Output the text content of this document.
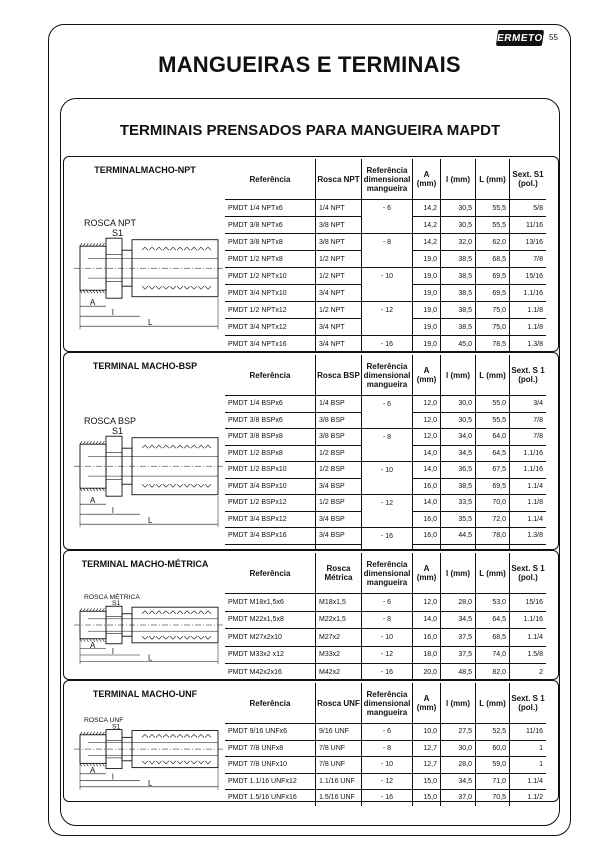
ERMETO 55
MANGUEIRAS E TERMINAIS
TERMINAIS PRENSADOS PARA MANGUEIRA MAPDT
TERMINALMACHO-NPT
ROSCA NPT
S1
A
l
L
Referência	Rosca NPT	Referência dimensional mangueira	A (mm)	l (mm)	L (mm)	Sext. S1 (pol.)
PMDT 1/4 NPTx6	1/4 NPT	- 6	14,2	30,5	55,5	5/8
PMDT 3/8 NPTx6	3/8 NPT		14,2	30,5	55,5	11/16
PMDT 3/8 NPTx8	3/8 NPT	- 8	14,2	32,0	62,0	13/16
PMDT 1/2 NPTx8	1/2 NPT		19,0	38,5	68,5	7/8
PMDT 1/2 NPTx10	1/2 NPT	- 10	19,0	38,5	69,5	15/16
PMDT 3/4 NPTx10	3/4 NPT		19,0	38,5	69,5	1.1/16
PMDT 1/2 NPTx12	1/2 NPT	- 12	19,0	38,5	75,0	1.1/8
PMDT 3/4 NPTx12	3/4 NPT		19,0	38,5	75,0	1.1/8
PMDT 3/4 NPTx16	3/4 NPT	- 16	19,0	45,0	78,5	1.3/8

TERMINAL MACHO-BSP
ROSCA BSP
S1
A
l
L
Referência	Rosca BSP	Referência dimensional mangueira	A (mm)	l (mm)	L (mm)	Sext. S 1 (pol.)
PMDT 1/4 BSPx6	1/4 BSP	- 6	12,0	30,0	55,0	3/4
PMDT 3/8 BSPx6	3/8 BSP		12,0	30,5	55,5	7/8
PMDT 3/8 BSPx8	3/8 BSP	- 8	12,0	34,0	64,0	7/8
PMDT 1/2 BSPx8	1/2 BSP		14,0	34,5	64,5	1.1/16
PMDT 1/2 BSPx10	1/2 BSP	- 10	14,0	36,5	67,5	1.1/16
PMDT 3/4 BSPx10	3/4 BSP		16,0	38,5	69,5	1.1/4
PMDT 1/2 BSPx12	1/2 BSP	- 12	14,0	33,5	70,0	1.1/8
PMDT 3/4 BSPx12	3/4 BSP		16,0	35,5	72,0	1.1/4
PMDT 3/4 BSPx16	3/4 BSP	- 16	16,0	44,5	78,0	1.3/8

TERMINAL MACHO-MÉTRICA
ROSCA MÉTRICA
S1
A
l
L
Referência	Rosca Métrica	Referência dimensional mangueira	A (mm)	l (mm)	L (mm)	Sext. S 1 (pol.)
PMDT M18x1,5x6	M18x1,5	- 6	12,0	28,0	53,0	15/16
PMDT M22x1,5x8	M22x1,5	- 8	14,0	34,5	64,5	1.1/16
PMDT M27x2x10	M27x2	- 10	16,0	37,5	68,5	1.1/4
PMDT M33x2 x12	M33x2	- 12	18,0	37,5	74,0	1.5/8
PMDT M42x2x16	M42x2	- 16	20,0	48,5	82,0	2
TERMINAL MACHO-UNF
ROSCA UNF
S1
A
l
L
Referência	Rosca UNF	Referência dimensional mangueira	A (mm)	l (mm)	L (mm)	Sext. S 1 (pol.)
PMDT 9/16 UNFx6	9/16 UNF	- 6	10,0	27,5	52,5	11/16
PMDT 7/8 UNFx8	7/8 UNF	- 8	12,7	30,0	60,0	1
PMDT 7/8 UNFx10	7/8 UNF	- 10	12,7	28,0	59,0	1
PMDT 1.1/16 UNFx12	1.1/16 UNF	- 12	15,0	34,5	71,0	1.1/4
PMDT 1.5/16 UNFx16	1.5/16 UNF	- 16	15,0	37,0	70,5	1.1/2
